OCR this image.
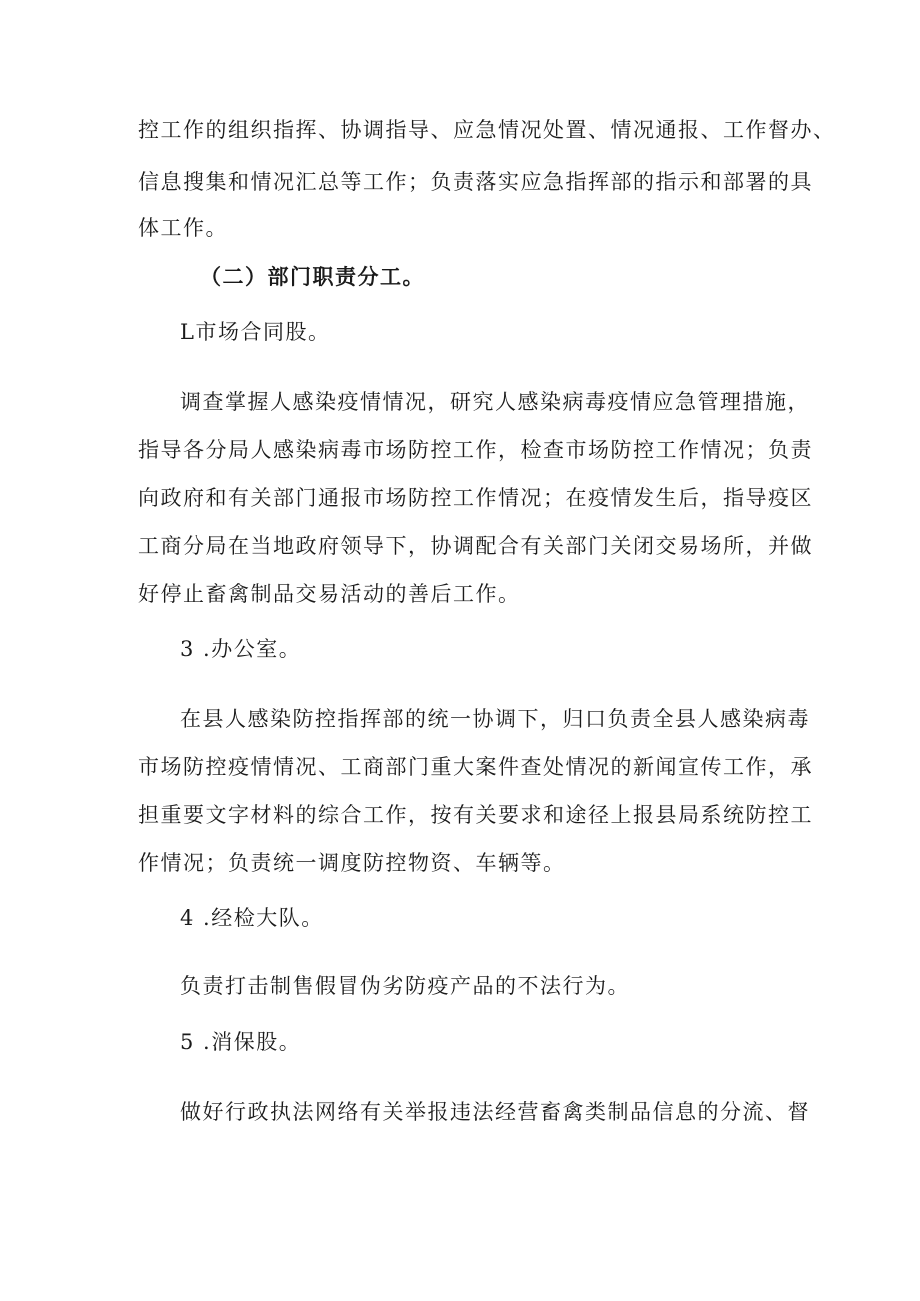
控工作的组织指挥、协调指导、应急情况处置、情况通报、工作督办、
信息搜集和情况汇总等工作；负责落实应急指挥部的指示和部署的具
体工作。
（二）部门职责分工。
L市场合同股。
调查掌握人感染疫情情况，研究人感染病毒疫情应急管理措施，
指导各分局人感染病毒市场防控工作，检查市场防控工作情况；负责
向政府和有关部门通报市场防控工作情况；在疫情发生后，指导疫区
工商分局在当地政府领导下，协调配合有关部门关闭交易场所，并做
好停止畜禽制品交易活动的善后工作。
3 .办公室。
在县人感染防控指挥部的统一协调下，归口负责全县人感染病毒
市场防控疫情情况、工商部门重大案件查处情况的新闻宣传工作，承
担重要文字材料的综合工作，按有关要求和途径上报县局系统防控工
作情况；负责统一调度防控物资、车辆等。
4 .经检大队。
负责打击制售假冒伪劣防疫产品的不法行为。
5 .消保股。
做好行政执法网络有关举报违法经营畜禽类制品信息的分流、督
